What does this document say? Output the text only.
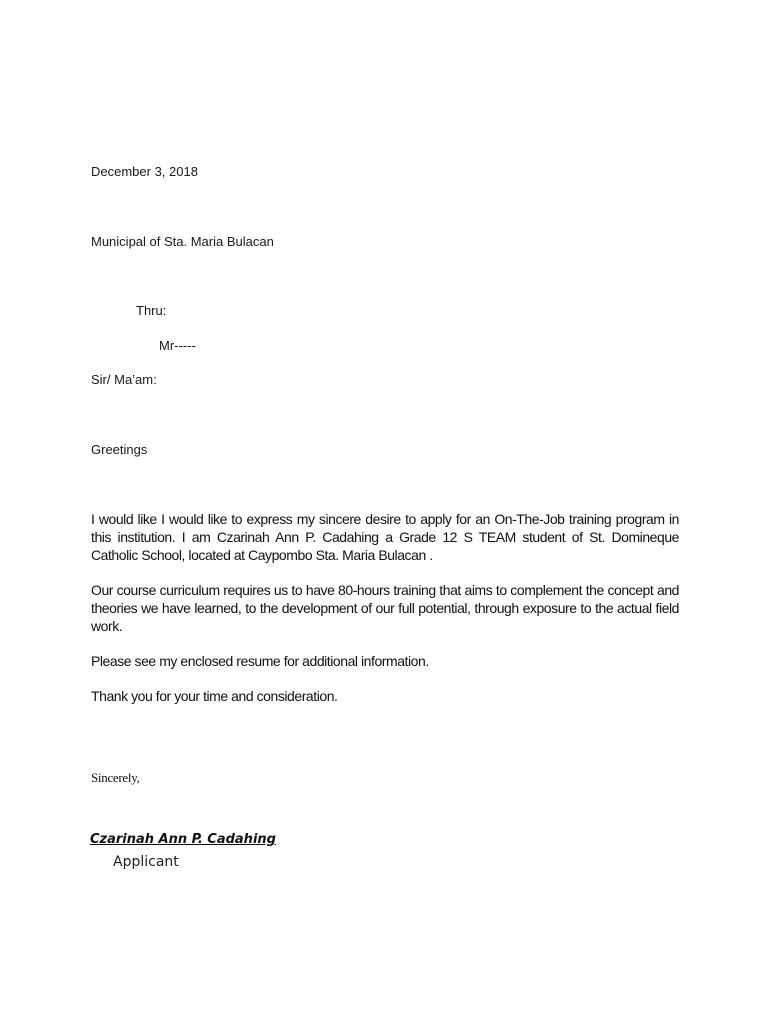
December 3, 2018
Municipal of Sta. Maria Bulacan
Thru:
Mr-----
Sir/ Ma’am:
Greetings
I would like I would like to express my sincere desire to apply for an On-The-Job training program in this institution. I am Czarinah Ann P. Cadahing a Grade 12 S TEAM student of St. Domineque Catholic School, located at Caypombo Sta. Maria Bulacan .
Our course curriculum requires us to have 80-hours training that aims to complement the concept and theories we have learned, to the development of our full potential, through exposure to the actual field work.
Please see my enclosed resume for additional information.
Thank you for your time and consideration.
Sincerely,
Czarinah Ann P. Cadahing
Applicant
